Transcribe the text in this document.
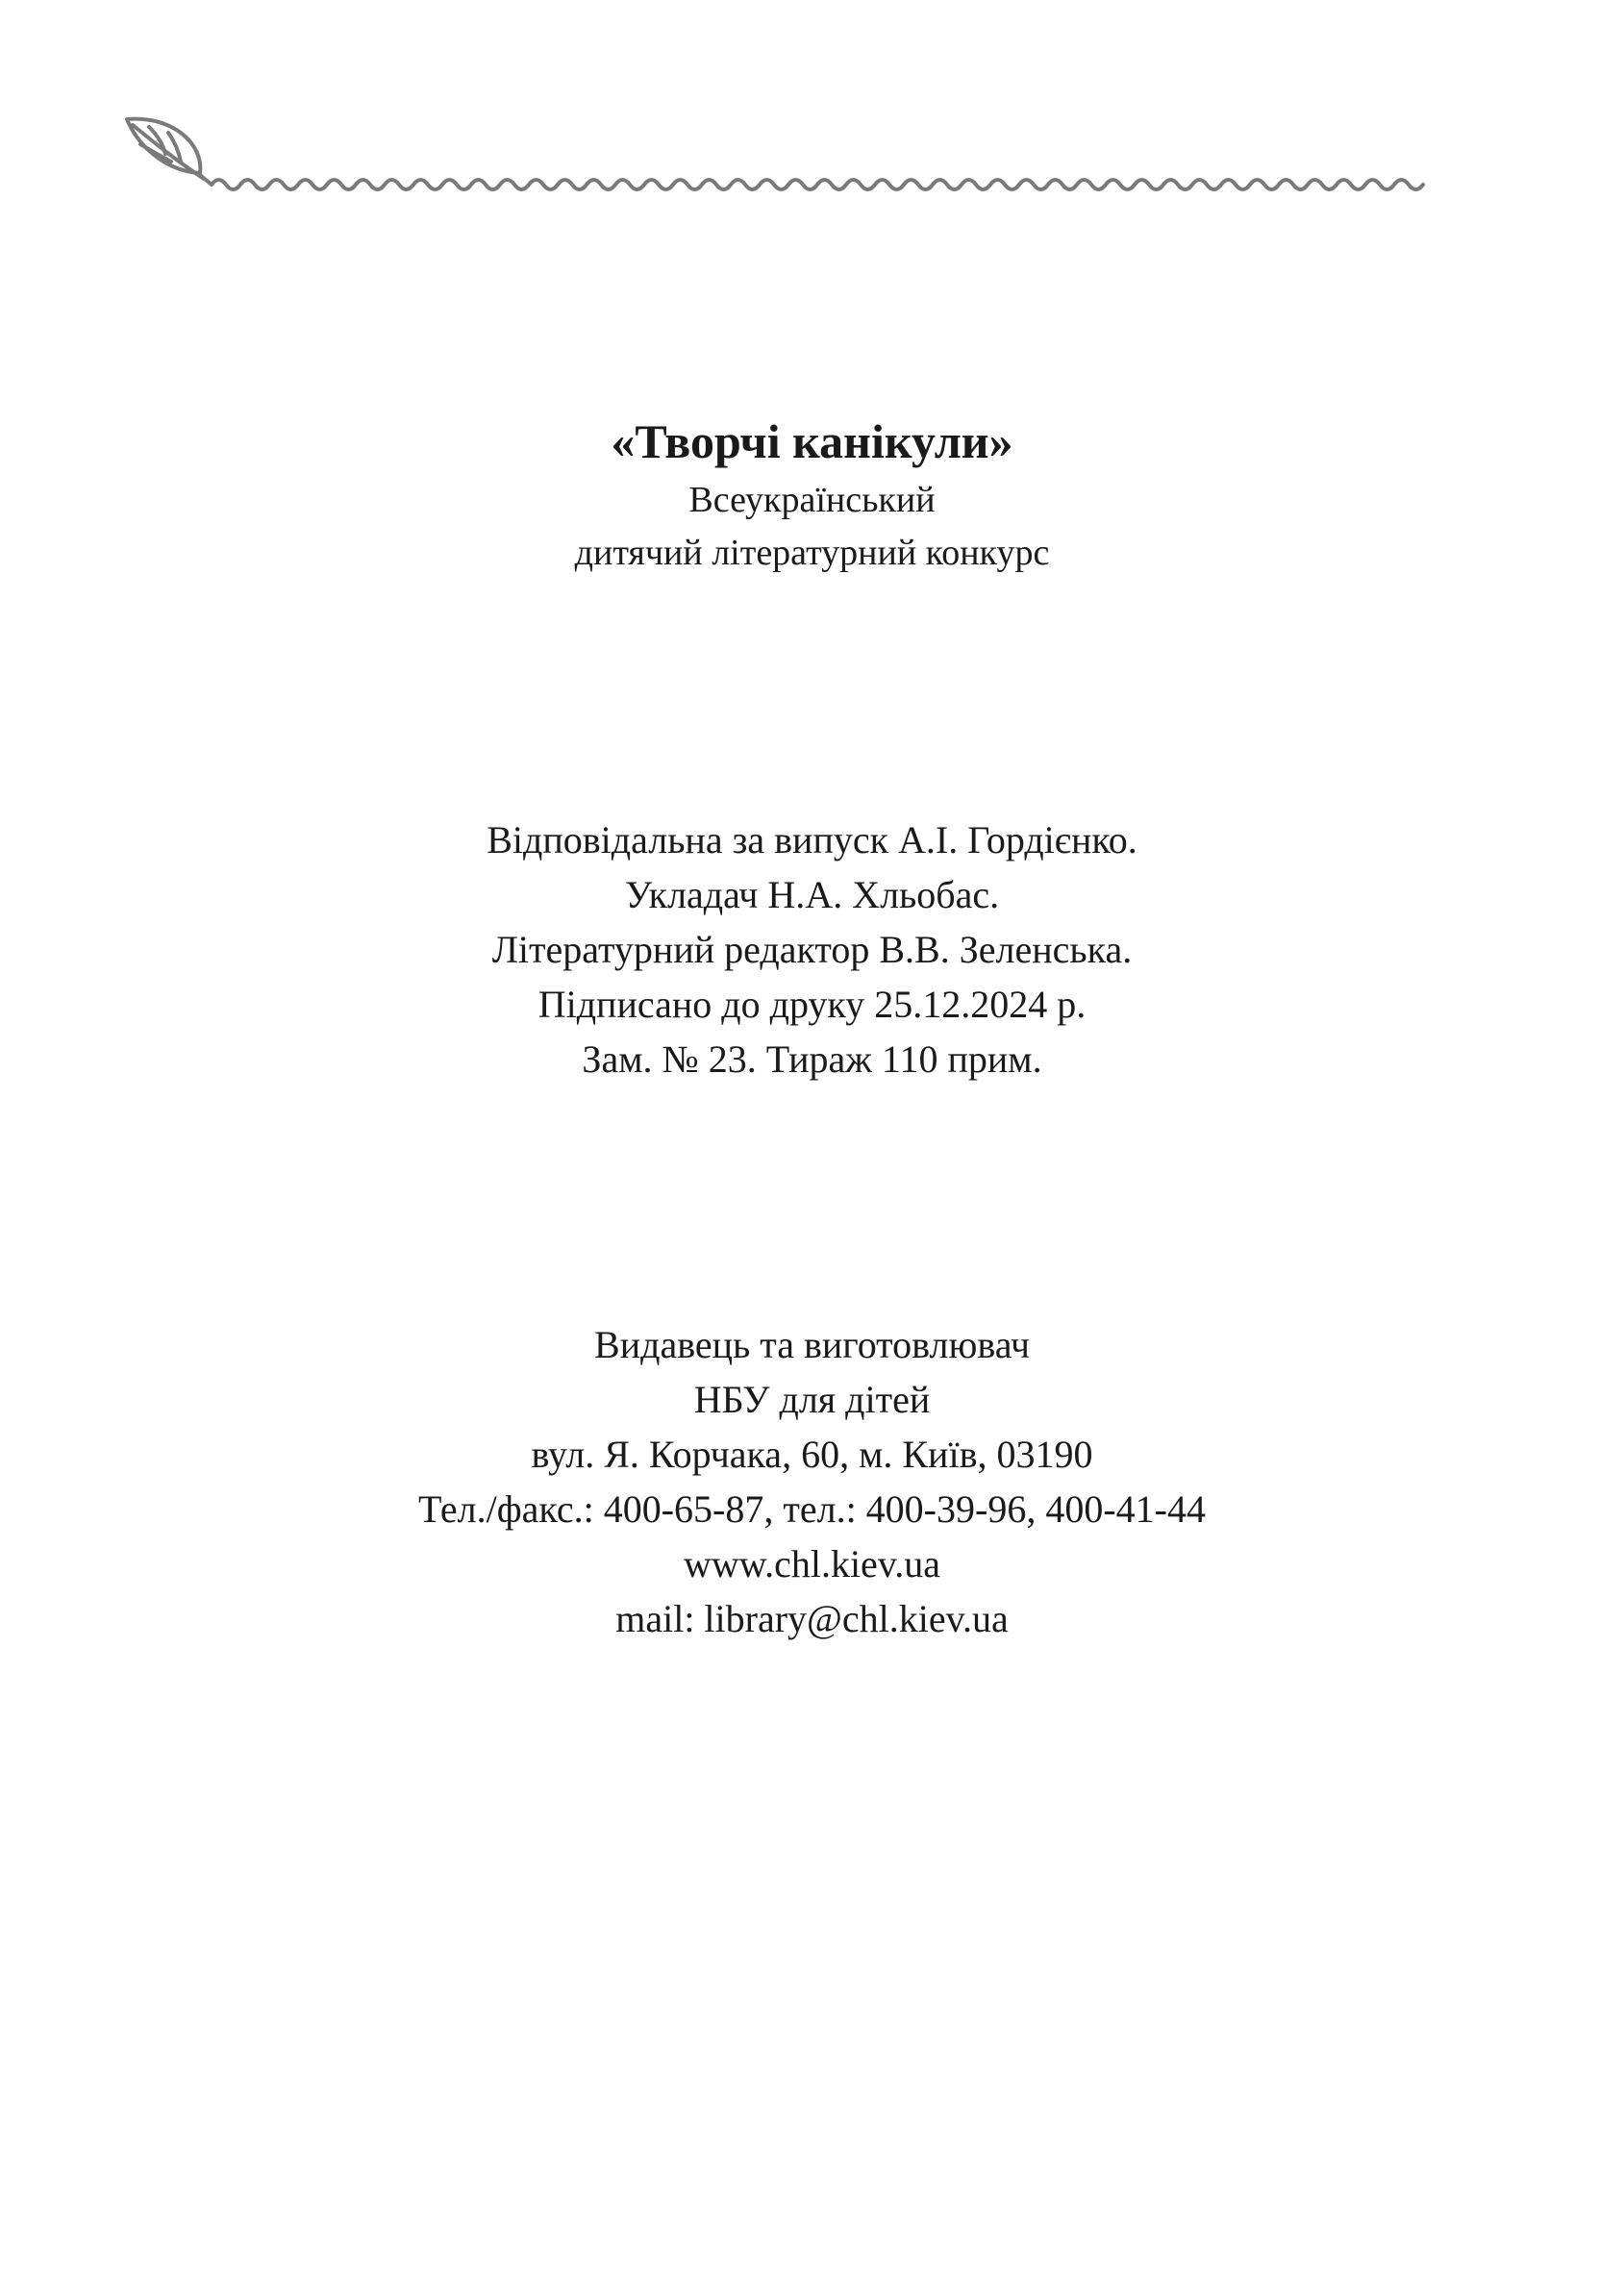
«Творчі канікули»

Всеукраїнський

дитячий літературний конкурс

Відповідальна за випуск А.І. Гордієнко.

Укладач Н.А. Хльобас.

Літературний редактор В.В. Зеленська.

Підписано до друку 25.12.2024 р.

Зам. № 23. Тираж 110 прим.

Видавець та виготовлювач

НБУ для дітей

вул. Я. Корчака, 60, м. Київ, 03190

Тел./факс.: 400-65-87, тел.: 400-39-96, 400-41-44

www.chl.kiev.ua

mail: library@chl.kiev.ua
